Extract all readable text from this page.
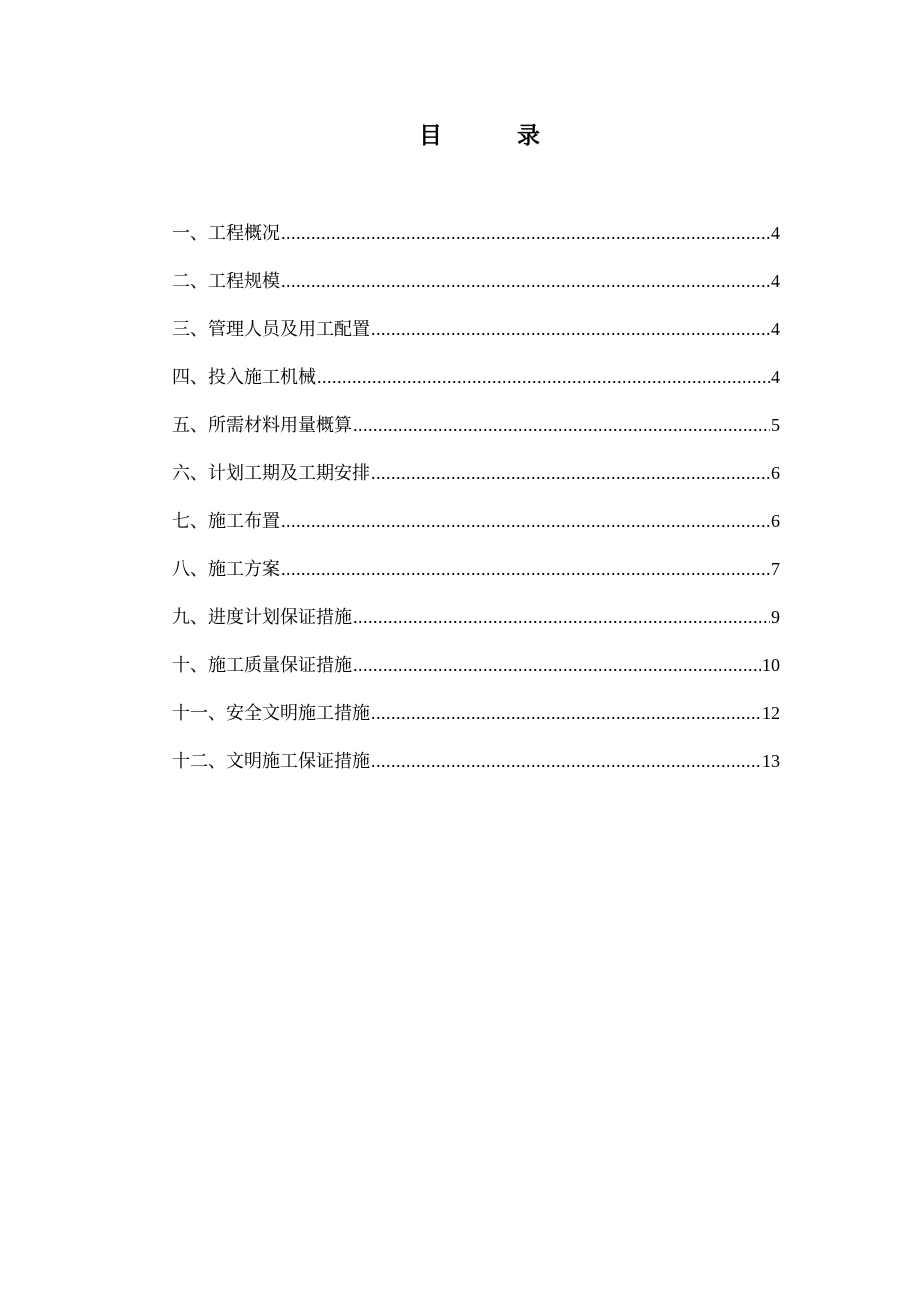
目	录
一、工程概况 .....	4
二、工程规模 .....	4
三、管理人员及用工配置 .....	4
四、投入施工机械 .....	4
五、所需材料用量概算 .....	5
六、计划工期及工期安排 .....	6
七、施工布置 .....	6
八、施工方案 .....	7
九、进度计划保证措施 .....	9
十、施工质量保证措施 .....	10
十一、安全文明施工措施 .....	12
十二、文明施工保证措施 .....	13
